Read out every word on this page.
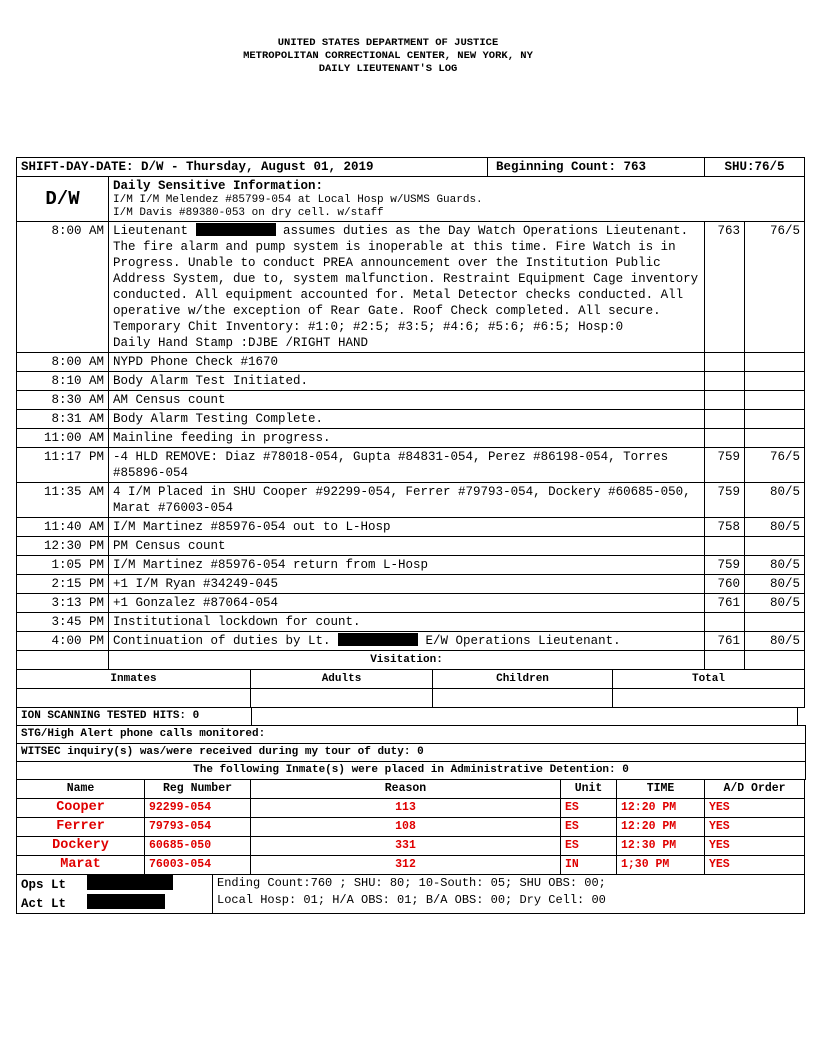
UNITED STATES DEPARTMENT OF JUSTICE
METROPOLITAN CORRECTIONAL CENTER, NEW YORK, NY
DAILY LIEUTENANT'S LOG
SHIFT-DAY-DATE: D/W - Thursday, August 01, 2019 Beginning Count: 763		SHU:76/5	
D/W	Daily Sensitive Information:
I/M I/M Melendez #85799-054 at Local Hosp w/USMS Guards.
I/M Davis #89380-053 on dry cell. w/staff		

8:00 AM	Lieutenant assumes duties as the Day Watch Operations Lieutenant. The fire alarm and pump system is inoperable at this time. Fire Watch is in Progress. Unable to conduct PREA announcement over the Institution Public Address System, due to, system malfunction. Restraint Equipment Cage inventory conducted. All equipment accounted for. Metal Detector checks conducted. All operative w/the exception of Rear Gate. Roof Check completed. All secure. Temporary Chit Inventory: #1:0; #2:5; #3:5; #4:6; #5:6; #6:5; Hosp:0
Daily Hand Stamp :DJBE /RIGHT HAND	763	76/5
8:00 AM	NYPD Phone Check #1670		
8:10 AM	Body Alarm Test Initiated.		
8:30 AM	AM Census count		
8:31 AM	Body Alarm Testing Complete.		
11:00 AM	Mainline feeding in progress.		
11:17 PM	-4 HLD REMOVE: Diaz #78018-054, Gupta #84831-054, Perez #86198-054, Torres #85896-054	759	76/5
11:35 AM	4 I/M Placed in SHU Cooper #92299-054, Ferrer #79793-054, Dockery #60685-050, Marat #76003-054	759	80/5
11:40 AM	I/M Martinez #85976-054 out to L-Hosp	758	80/5
12:30 PM	PM Census count		
1:05 PM	I/M Martinez #85976-054 return from L-Hosp	759	80/5
2:15 PM	+1 I/M Ryan #34249-045	760	80/5
3:13 PM	+1 Gonzalez #87064-054	761	80/5
3:45 PM	Institutional lockdown for count.		
4:00 PM	Continuation of duties by Lt. E/W Operations Lieutenant.	761	80/5
	Visitation:		
Inmates	Adults	Children	Total

ION SCANNING TESTED HITS: 0
STG/High Alert phone calls monitored:
WITSEC inquiry(s) was/were received during my tour of duty: 0
The following Inmate(s) were placed in Administrative Detention: 0
Name	Reg Number	Reason	Unit	TIME	A/D Order
Cooper	92299-054	113	ES	12:20 PM	YES
Ferrer	79793-054	108	ES	12:20 PM	YES
Dockery	60685-050	331	ES	12:30 PM	YES
Marat	76003-054	312	IN	1;30 PM	YES
Ops Lt
Act Lt

Ending Count:760 ; SHU: 80; 10-South: 05; SHU OBS: 00;
Local Hosp: 01; H/A OBS: 01; B/A OBS: 00; Dry Cell: 00
